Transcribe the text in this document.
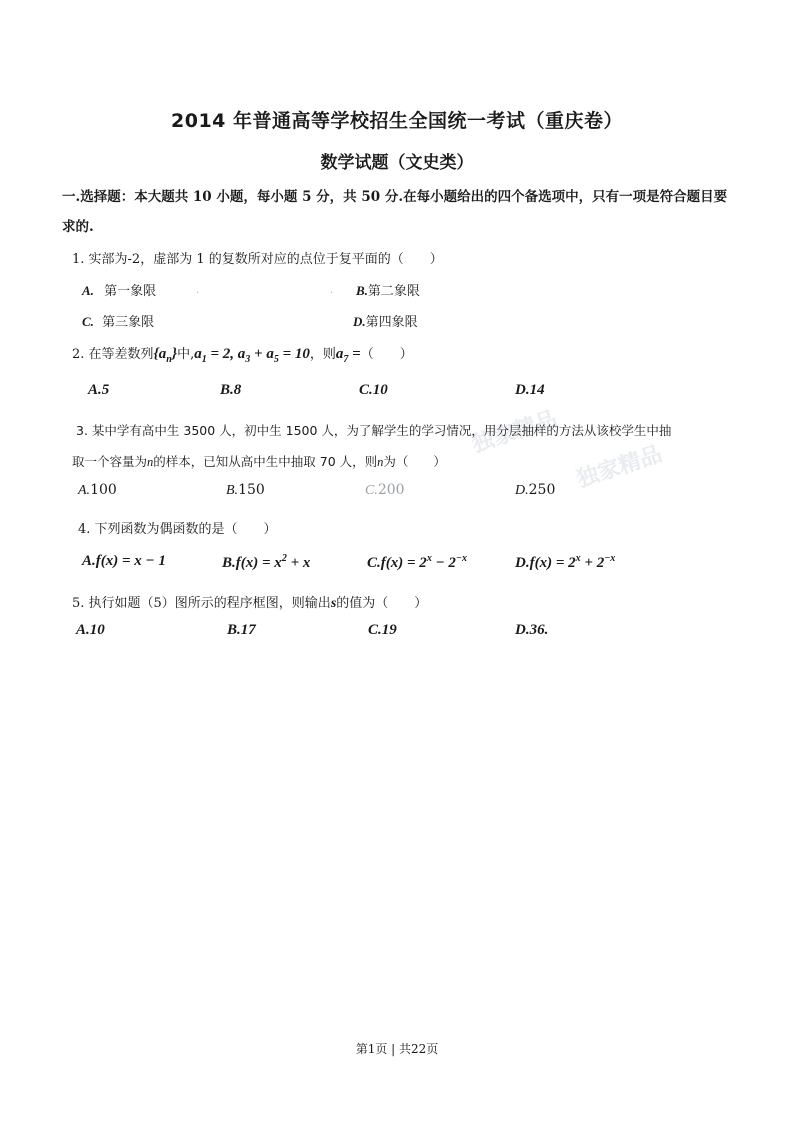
独家精品
独家精品
2014 年普通高等学校招生全国统一考试（重庆卷）
数学试题（文史类）
一.选择题：本大题共 10 小题，每小题 5 分，共 50 分.在每小题给出的四个备选项中，只有一项是符合题目要求的.
1. 实部为-2，虚部为 1 的复数所对应的点位于复平面的（　　）
A. 第一象限	.	. B.第二象限
C. 第三象限	D.第四象限
2. 在等差数列$\{a_n\}$中$,a_1 = 2$, $a_3 + a_5 = 10$，则$a_7$ =（　　）
A.5	B.8	C.10	D.14
3. 某中学有高中生 3500 人，初中生 1500 人，为了解学生的学习情况，用分层抽样的方法从该校学生中抽
取一个容量为n的样本，已知从高中生中抽取 70 人，则n为（　　）
A.100	B.150	C.200	D.250
4. 下列函数为偶函数的是（　　）
A.f(x) = x − 1	$B.f(x) = x^2 + x$	$C.f(x) = 2^x - 2^{-x}$	$D.f(x) = 2^x + 2^{-x}$
5. 执行如题（5）图所示的程序框图，则输出s的值为（　　）
A.10	B.17	C.19	D.36.
第1页 | 共22页
